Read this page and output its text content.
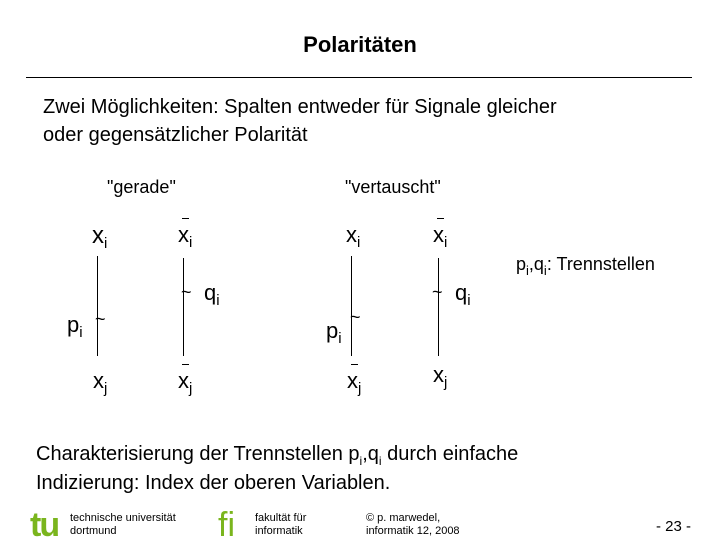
Polaritäten
Zwei Möglichkeiten: Spalten entweder für Signale gleicher
oder gegensätzlicher Polarität
"gerade"	"vertauscht"
$x_i$
$p_i$
~
$x_j$
$x_i$
~ $q_i$
$x_j$
$x_i$
$p_i$
~
$x_j$
$x_i$
~ $q_i$
$x_j$
$p_i,q_i$: Trennstellen
Charakterisierung der Trennstellen $p_i,q_i$ durch einfache
Indizierung: Index der oberen Variablen.
tu technische universität
dortmund	fi fakultät für
informatik
© p. marwedel,
informatik 12, 2008	- 23 -
